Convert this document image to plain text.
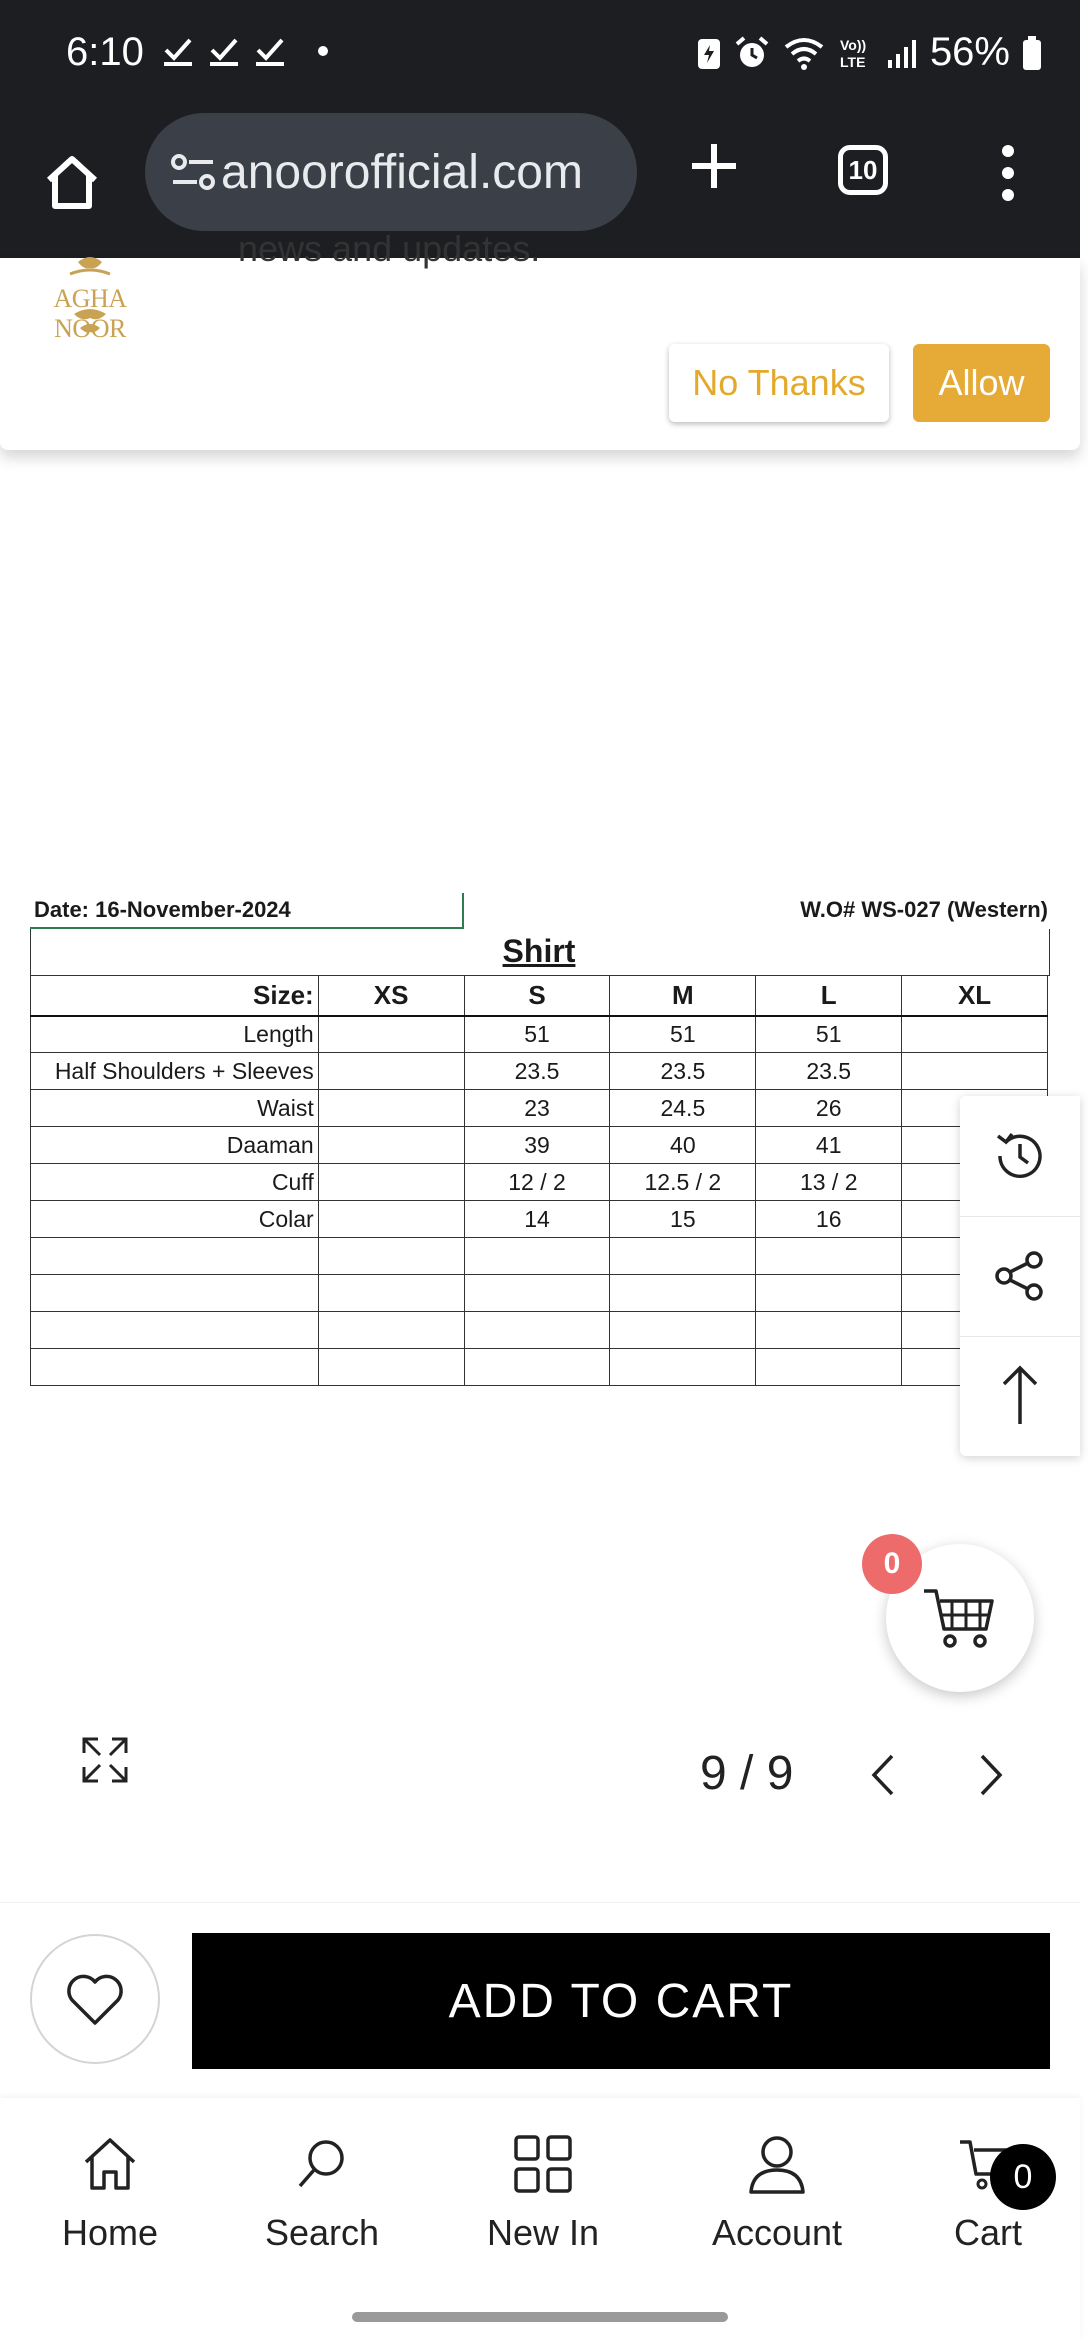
6:10	Vo))
LTE 56%
anoorofficial.com	10
AGHA NOOR
news and updates.
No Thanks	Allow
Date: 16-November-2024	W.O# WS-027 (Western)
Shirt
Size:	XS	S	M	L	XL
Length		51	51	51	
Half Shoulders + Sleeves		23.5	23.5	23.5	
Waist		23	24.5	26	
Daaman		39	40	41	
Cuff		12 / 2	12.5 / 2	13 / 2	
Colar		14	15	16	

0
9 / 9
ADD TO CART
Home	Search	New In	Account	Cart
0
